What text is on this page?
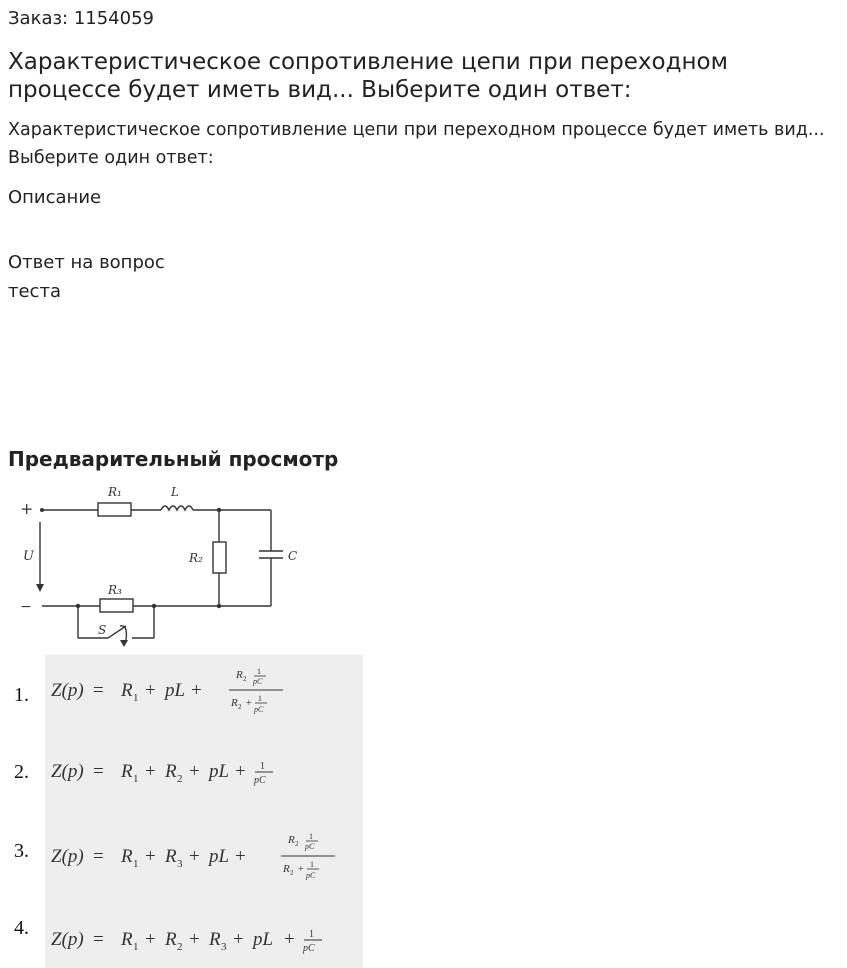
Заказ: 1154059
Характеристическое сопротивление цепи при переходном процессе будет иметь вид... Выберите один ответ:
Характеристическое сопротивление цепи при переходном процессе будет иметь вид... Выберите один ответ:
Описание
Ответ на вопрос теста
Предварительный просмотр
+
−
U
R₁	L
R₂	C
R₃
S
1.
2.
3.
4.
Z(p) = R 1 + pL +
R 2
1
pC
R 2 + 1
pC
Z(p) = R 1 + R 2 + pL + 1
pC
Z(p) = R 1 + R 3 + pL +
R 2
1
pC
R 2 + 1
pC
Z(p) = R 1 + R 2 + R 3 + pL + 1
pC
